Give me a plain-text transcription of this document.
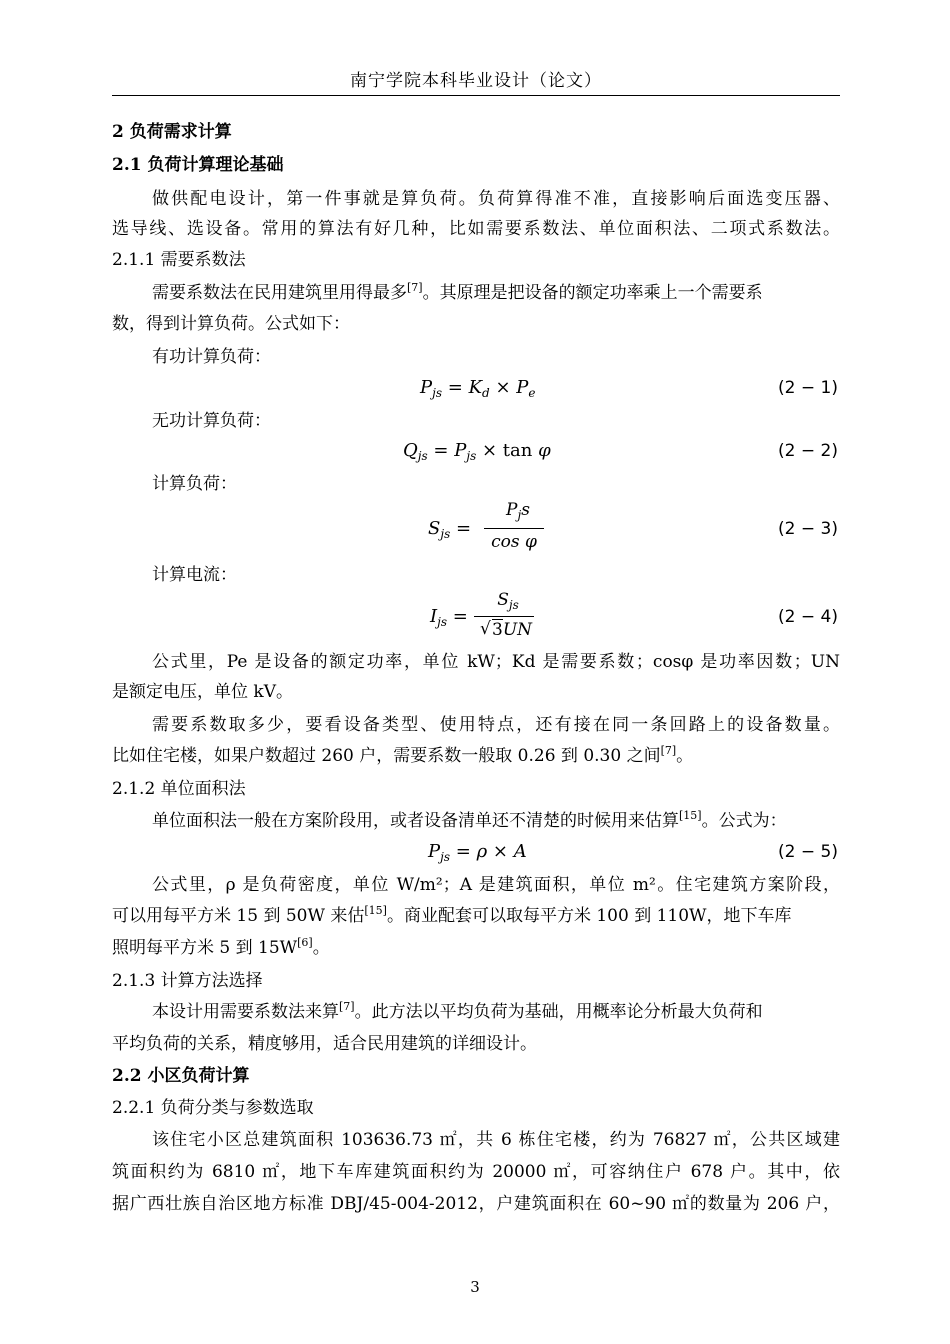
南宁学院本科毕业设计（论文）
2 负荷需求计算
2.1 负荷计算理论基础
做供配电设计，第一件事就是算负荷。负荷算得准不准，直接影响后面选变压器、
选导线、选设备。常用的算法有好几种，比如需要系数法、单位面积法、二项式系数法。
2.1.1 需要系数法
需要系数法在民用建筑里用得最多[7]。其原理是把设备的额定功率乘上一个需要系
数，得到计算负荷。公式如下：
有功计算负荷：
$P_{js} = K_d \times P_e$	(2 − 1)
无功计算负荷：
$Q_{js} = P_{js} \times \tan \varphi$	(2 − 2)
计算负荷：
$S_{js}$ =
$P_js$
cos φ
(2 − 3)
计算电流：
$I_{js}$ =
$S_{js}$
√ 3UN
(2 − 4)
公式里，Pe 是设备的额定功率，单位 kW；Kd 是需要系数；cosφ 是功率因数；UN
是额定电压，单位 kV。
需要系数取多少，要看设备类型、使用特点，还有接在同一条回路上的设备数量。
比如住宅楼，如果户数超过 260 户，需要系数一般取 0.26 到 0.30 之间[7]。
2.1.2 单位面积法
单位面积法一般在方案阶段用，或者设备清单还不清楚的时候用来估算[15]。公式为：
$P_{js} = \rho \times A$	(2 − 5)
公式里，ρ 是负荷密度，单位 W/m²；A 是建筑面积，单位 m²。住宅建筑方案阶段，
可以用每平方米 15 到 50W 来估[15]。商业配套可以取每平方米 100 到 110W，地下车库
照明每平方米 5 到 15W[6]。
2.1.3 计算方法选择
本设计用需要系数法来算[7]。此方法以平均负荷为基础，用概率论分析最大负荷和
平均负荷的关系，精度够用，适合民用建筑的详细设计。
2.2 小区负荷计算
2.2.1 负荷分类与参数选取
该住宅小区总建筑面积 103636.73 ㎡，共 6 栋住宅楼，约为 76827 ㎡，公共区域建
筑面积约为 6810 ㎡，地下车库建筑面积约为 20000 ㎡，可容纳住户 678 户。其中，依
据广西壮族自治区地方标准 DBJ/45-004-2012，户建筑面积在 60~90 ㎡的数量为 206 户，
3
